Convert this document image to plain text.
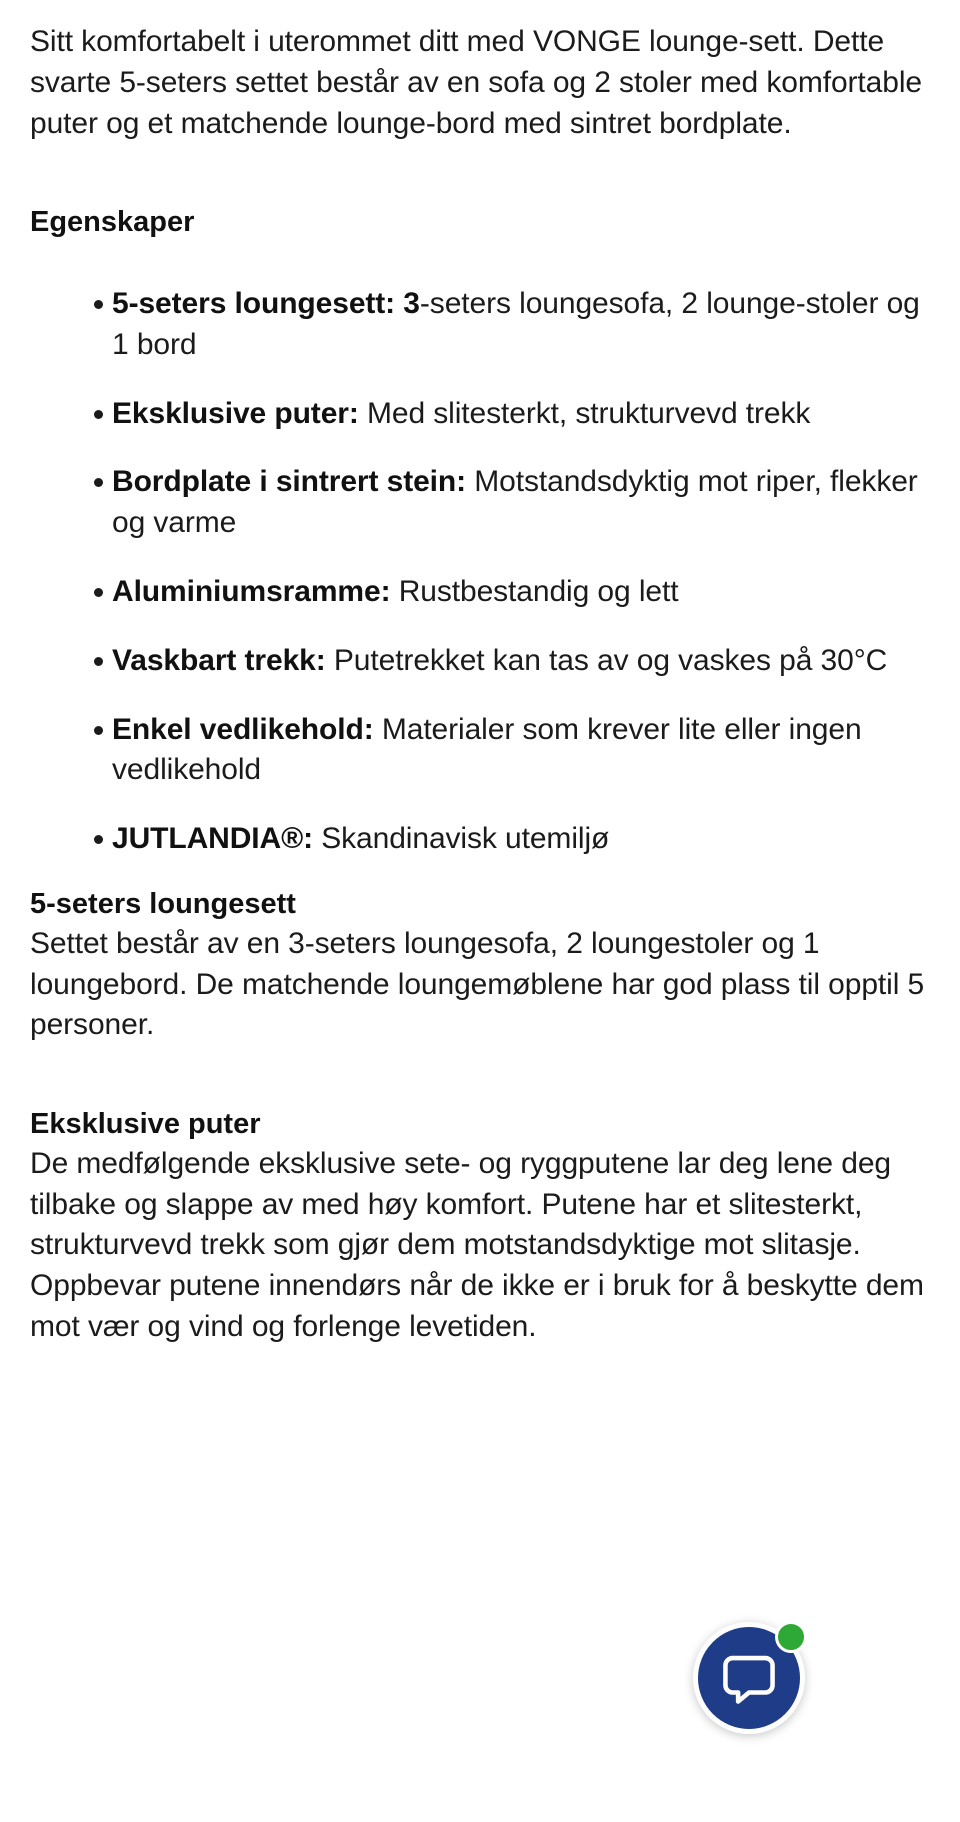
Sitt komfortabelt i uterommet ditt med VONGE lounge-sett. Dette svarte 5-seters settet består av en sofa og 2 stoler med komfortable puter og et matchende lounge-bord med sintret bordplate.

Egenskaper
5-seters loungesett: 3-seters loungesofa, 2 lounge-stoler og 1 bord
Eksklusive puter: Med slitesterkt, strukturvevd trekk
Bordplate i sintrert stein: Motstandsdyktig mot riper, flekker og varme
Aluminiumsramme: Rustbestandig og lett
Vaskbart trekk: Putetrekket kan tas av og vaskes på 30°C
Enkel vedlikehold: Materialer som krever lite eller ingen vedlikehold
JUTLANDIA®: Skandinavisk utemiljø
5-seters loungesett

Settet består av en 3-seters loungesofa, 2 loungestoler og 1 loungebord. De matchende loungemøblene har god plass til opptil 5 personer.

Eksklusive puter

De medfølgende eksklusive sete- og ryggputene lar deg lene deg tilbake og slappe av med høy komfort. Putene har et slitesterkt, strukturvevd trekk som gjør dem motstandsdyktige mot slitasje. Oppbevar putene innendørs når de ikke er i bruk for å beskytte dem mot vær og vind og forlenge levetiden.
